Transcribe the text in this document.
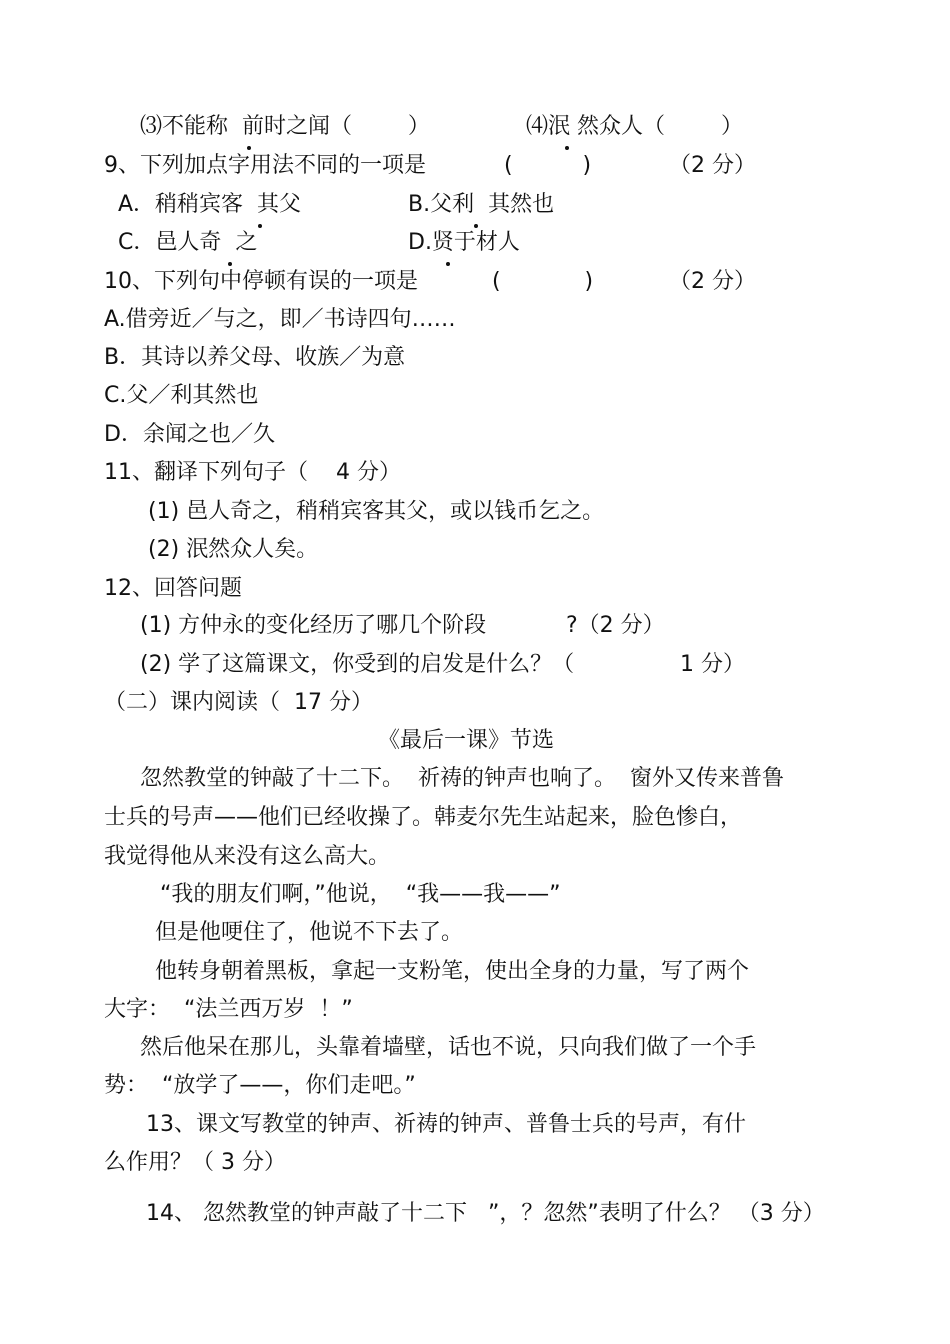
⑶不能称  前时之闻（        ）	⑷泯 然众人（        ）
9、下列加点字用法不同的一项是	(          )	（2 分）
A．稍稍宾客  其父	B.父利  其然也
C．邑人奇  之	D.贤于材人
10、下列句中停顿有误的一项是	(            )	（2 分）
A.借旁近／与之，即／书诗四句……
B．其诗以养父母、收族／为意
C.父／利其然也
D．余闻之也／久
11、翻译下列句子（    4 分）
(1) 邑人奇之，稍稍宾客其父，或以钱币乞之。
(2) 泯然众人矣。
12、回答问题
(1) 方仲永的变化经历了哪几个阶段	?（2 分）
(2) 学了这篇课文，你受到的启发是什么？（	1 分）
（二）课内阅读（  17 分）
《最后一课》节选
忽然教堂的钟敲了十二下。  祈祷的钟声也响了。  窗外又传来普鲁
士兵的号声——他们已经收操了。韩麦尔先生站起来，脸色惨白，
我觉得他从来没有这么高大。
“我的朋友们啊，”他说，  “我——我——”
但是他哽住了，他说不下去了。
他转身朝着黑板，拿起一支粉笔，使出全身的力量，写了两个
大字：  “法兰西万岁  ！”
然后他呆在那儿，头靠着墙壁，话也不说，只向我们做了一个手
势：  “放学了——，你们走吧。”
13、课文写教堂的钟声、祈祷的钟声、普鲁士兵的号声，有什
么作用？（ 3 分）
14、 忽然教堂的钟声敲了十二下   ”，？忽然”表明了什么？ （3 分）
